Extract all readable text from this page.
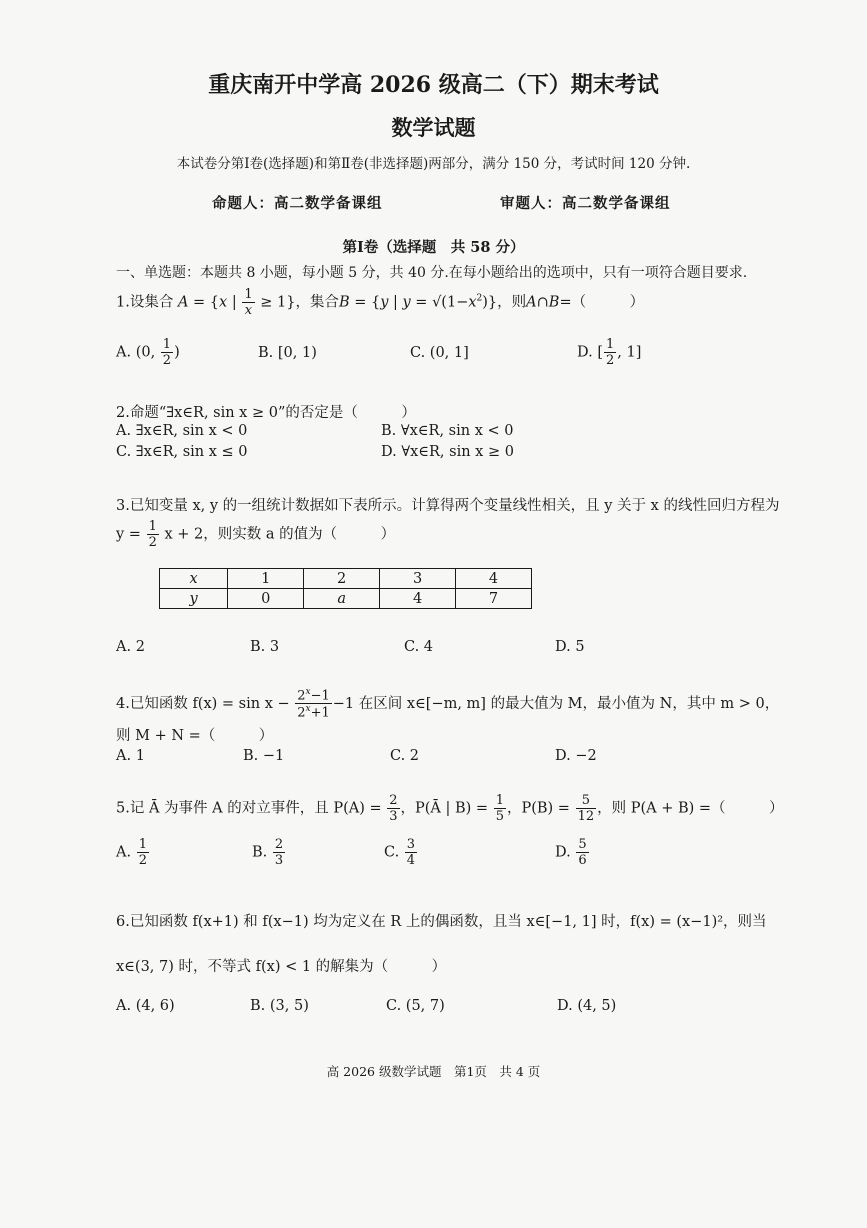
重庆南开中学高 2026 级高二（下）期末考试
数学试题
本试卷分第Ⅰ卷(选择题)和第Ⅱ卷(非选择题)两部分，满分 150 分，考试时间 120 分钟.
命题人：高二数学备课组	审题人：高二数学备课组
第Ⅰ卷（选择题　共 58 分）
一、单选题：本题共 8 小题，每小题 5 分，共 40 分.在每小题给出的选项中，只有一项符合题目要求.
1.设集合 A = {x | $\frac{1}{x} \ge 1$}，集合B = {y | $y = √(1-x^2)$}，则A∩B=（　　　）
A. (0, $\frac{1}{2}$ )	B. [0, 1)	C. (0, 1]	D. [ $\frac{1}{2}$ , 1]
2.命题“∃x∈R, sin x ≥ 0”的否定是（　　　）
A. ∃x∈R, sin x < 0	B. ∀x∈R, sin x < 0
C. ∃x∈R, sin x ≤ 0	D. ∀x∈R, sin x ≥ 0
3.已知变量 x, y 的一组统计数据如下表所示。计算得两个变量线性相关，且 y 关于 x 的线性回归方程为
$y = \frac{1}{2}$ x + 2，则实数 a 的值为（　　　）
x	1	2	3	4
y	0	a	4	7
A. 2	B. 3	C. 4	D. 5
4.已知函数 $f(x) = \sin x - \frac{2^x-1}{2^x+1} -1$ 在区间 x∈[−m, m] 的最大值为 M，最小值为 N，其中 m > 0，
则 M + N =（　　　）
A. 1	B. −1	C. 2	D. −2
5.记 Ā 为事件 A 的对立事件，且 $P(A) = \frac{2}{3}$ ，P(Ā | $B) = \frac{1}{5}$ ，$P(B) = \frac{5}{12}$ ，则 P(A + B) =（　　　）
A. $\frac{1}{2}$	B. $\frac{2}{3}$	C. $\frac{3}{4}$	D. $\frac{5}{6}$
6.已知函数 f(x+1) 和 f(x−1) 均为定义在 R 上的偶函数，且当 x∈[−1, 1] 时，f(x) = (x−1)²，则当
x∈(3, 7) 时，不等式 f(x) < 1 的解集为（　　　）
A. (4, 6)	B. (3, 5)	C. (5, 7)	D. (4, 5)
高 2026 级数学试题　第1页　共 4 页
